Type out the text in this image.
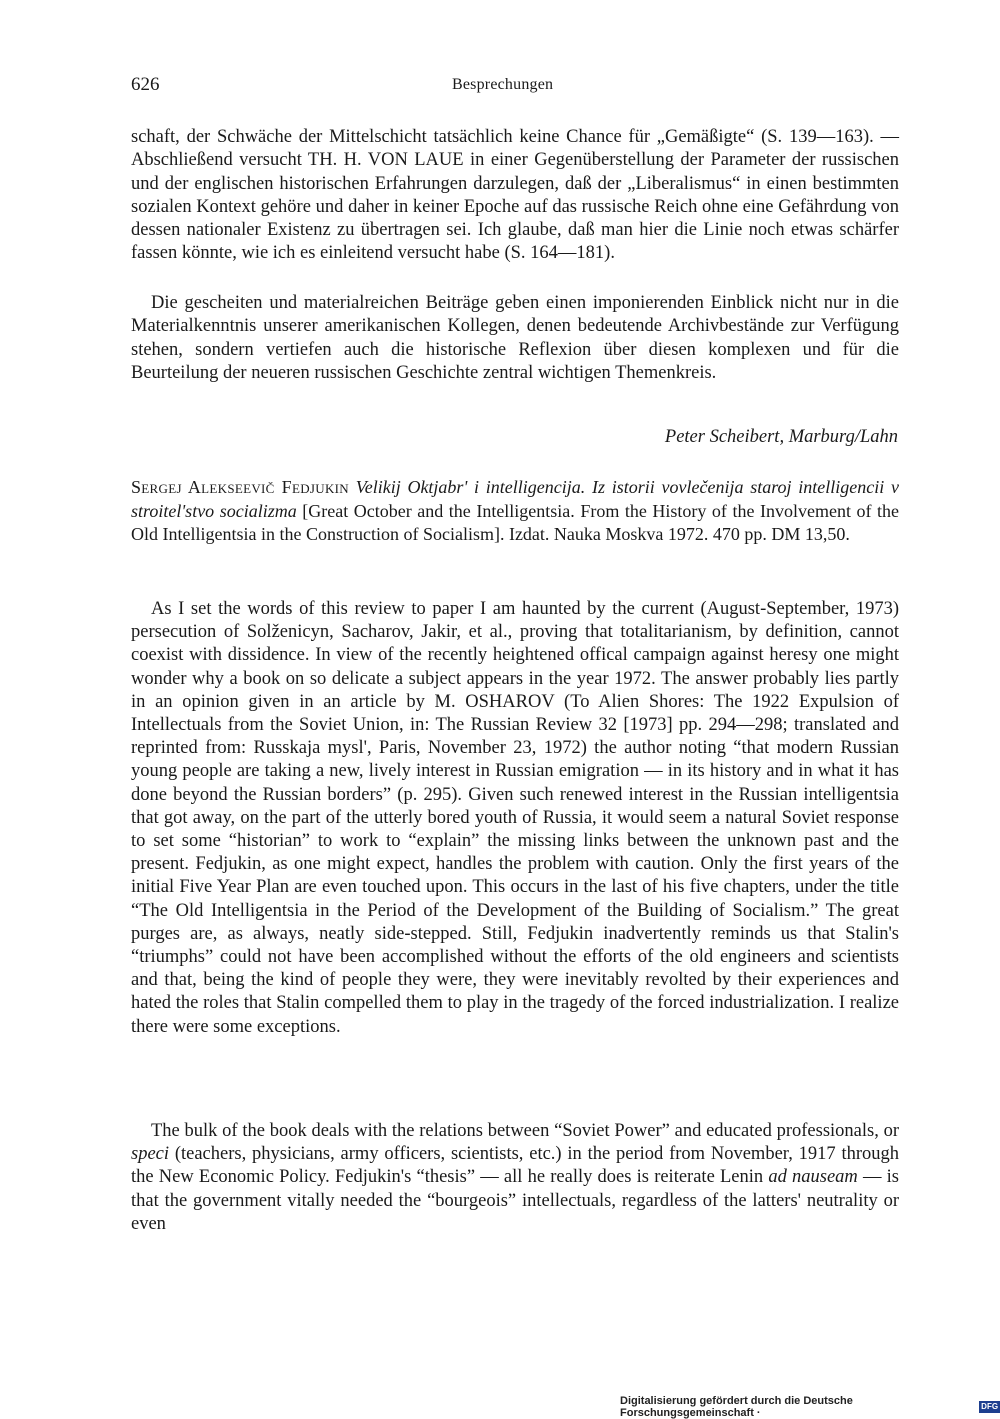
626	Besprechungen

schaft, der Schwäche der Mittelschicht tatsächlich keine Chance für „Gemäßigte“ (S. 139—163). — Abschließend versucht TH. H. VON LAUE in einer Gegenüberstellung der Parameter der russischen und der englischen historischen Erfahrungen darzulegen, daß der „Liberalismus“ in einen bestimmten sozialen Kontext gehöre und daher in keiner Epoche auf das russische Reich ohne eine Gefährdung von dessen nationaler Existenz zu übertragen sei. Ich glaube, daß man hier die Linie noch etwas schärfer fassen könnte, wie ich es einleitend versucht habe (S. 164—181).

Die gescheiten und materialreichen Beiträge geben einen imponierenden Einblick nicht nur in die Materialkenntnis unserer amerikanischen Kollegen, denen bedeutende Archivbestände zur Verfügung stehen, sondern vertiefen auch die historische Reflexion über diesen komplexen und für die Beurteilung der neueren russischen Geschichte zentral wichtigen Themenkreis.

Peter Scheibert, Marburg/Lahn

Sergej Alekseevič Fedjukin Velikij Oktjabr' i intelligencija. Iz istorii vovlečenija staroj intelligencii v stroitel'stvo socializma [Great October and the Intelligentsia. From the History of the Involvement of the Old Intelligentsia in the Construction of Socialism]. Izdat. Nauka Moskva 1972. 470 pp. DM 13,50.

As I set the words of this review to paper I am haunted by the current (August-September, 1973) persecution of Solženicyn, Sacharov, Jakir, et al., proving that totalitarianism, by definition, cannot coexist with dissidence. In view of the recently heightened offical campaign against heresy one might wonder why a book on so delicate a subject appears in the year 1972. The answer probably lies partly in an opinion given in an article by M. OSHAROV (To Alien Shores: The 1922 Expulsion of Intellectuals from the Soviet Union, in: The Russian Review 32 [1973] pp. 294—298; translated and reprinted from: Russkaja mysl', Paris, November 23, 1972) the author noting “that modern Russian young people are taking a new, lively interest in Russian emigration — in its history and in what it has done beyond the Russian borders” (p. 295). Given such renewed interest in the Russian intelligentsia that got away, on the part of the utterly bored youth of Russia, it would seem a natural Soviet response to set some “historian” to work to “explain” the missing links between the unknown past and the present. Fedjukin, as one might expect, handles the problem with caution. Only the first years of the initial Five Year Plan are even touched upon. This occurs in the last of his five chapters, under the title “The Old Intelligentsia in the Period of the Development of the Building of Socialism.” The great purges are, as always, neatly side-stepped. Still, Fedjukin inadvertently reminds us that Stalin's “triumphs” could not have been accomplished without the efforts of the old engineers and scientists and that, being the kind of people they were, they were inevitably revolted by their experiences and hated the roles that Stalin compelled them to play in the tragedy of the forced industrialization. I realize there were some exceptions.

The bulk of the book deals with the relations between “Soviet Power” and educated professionals, or speci (teachers, physicians, army officers, scientists, etc.) in the period from November, 1917 through the New Economic Policy. Fedjukin's “thesis” — all he really does is reiterate Lenin ad nauseam — is that the government vitally needed the “bourgeois” intellectuals, regardless of the latters' neutrality or even

Digitalisierung gefördert durch die Deutsche Forschungsgemeinschaft ·
DFG
